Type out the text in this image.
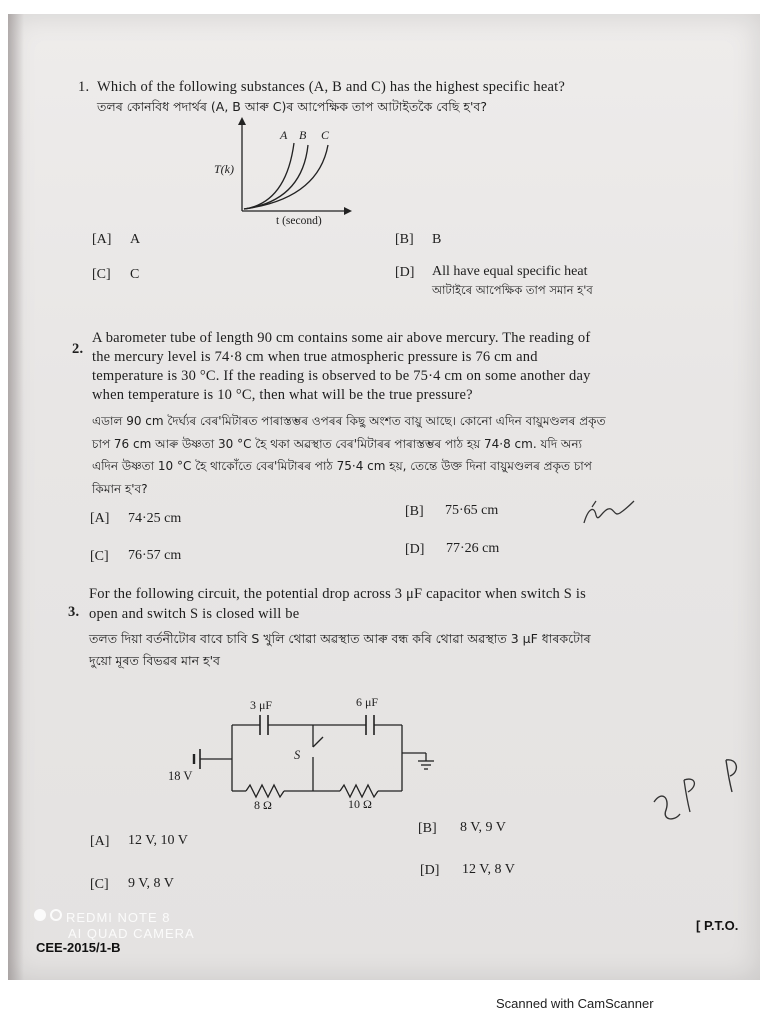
1. Which of the following substances (A, B and C) has the highest specific heat?
তলৰ কোনবিধ পদাৰ্থৰ (A, B আৰু C)ৰ আপেক্ষিক তাপ আটাইতকৈ বেছি হ'ব?
A B C
T(k)
t (second)
[A] A	[B] B
[C] C	[D] All have equal specific heat
আটাইৰে আপেক্ষিক তাপ সমান হ'ব
2.
A barometer tube of length 90 cm contains some air above mercury. The reading of
the mercury level is 74·8 cm when true atmospheric pressure is 76 cm and
temperature is 30 °C. If the reading is observed to be 75·4 cm on some another day
when temperature is 10 °C, then what will be the true pressure?
এডাল 90 cm দৈৰ্ঘ্যৰ বেৰ'মিটাৰত পাৰাস্তম্ভৰ ওপৰৰ কিছু অংশত বায়ু আছে। কোনো এদিন বায়ুমণ্ডলৰ প্ৰকৃত
চাপ 76 cm আৰু উষ্ণতা 30 °C হৈ থকা অৱস্থাত বেৰ'মিটাৰৰ পাৰাস্তম্ভৰ পাঠ হয় 74·8 cm. যদি অন্য
এদিন উষ্ণতা 10 °C হৈ থাকোঁতে বেৰ'মিটাৰৰ পাঠ 75·4 cm হয়, তেন্তে উক্ত দিনা বায়ুমণ্ডলৰ প্ৰকৃত চাপ
কিমান হ'ব?
[A] 74·25 cm	[B] 75·65 cm
[C] 76·57 cm	[D] 77·26 cm
3.
For the following circuit, the potential drop across 3 μF capacitor when switch S is
open and switch S is closed will be
তলত দিয়া বৰ্তনীটোৰ বাবে চাবি S খুলি থোৱা অৱস্থাত আৰু বন্ধ কৰি থোৱা অৱস্থাত 3 μF ধাৰকটোৰ
দুয়ো মূৰত বিভৱৰ মান হ'ব
3 μF	6 μF
18 V
S
8 Ω	10 Ω
[A] 12 V, 10 V
[B] 8 V, 9 V
[C] 9 V, 8 V
[D] 12 V, 8 V

REDMI NOTE 8
AI QUAD CAMERA
CEE-2015/1-B
[ P.T.O.
Scanned with CamScanner
